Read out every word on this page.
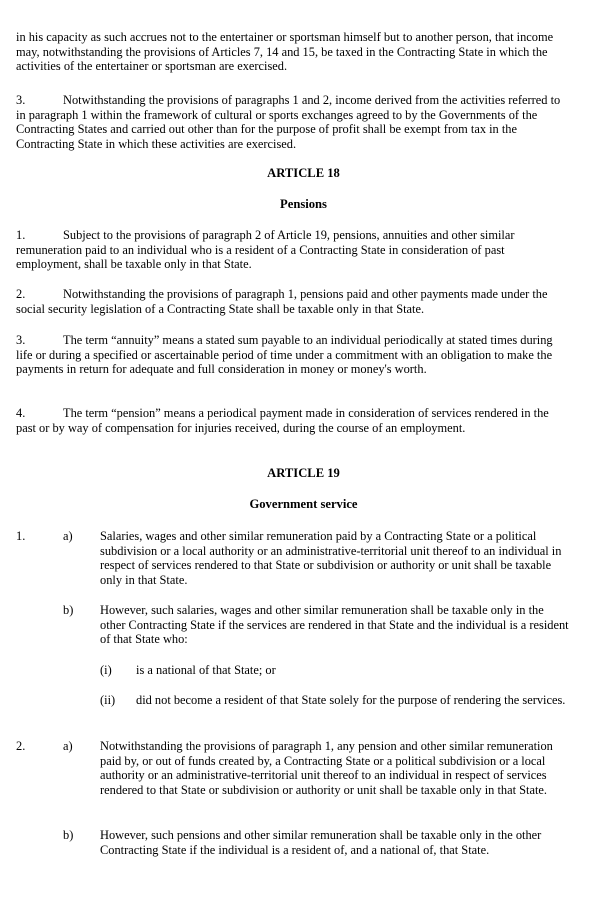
in his capacity as such accrues not to the entertainer or sportsman himself but to another person, that income may, notwithstanding the provisions of Articles 7, 14 and 15, be taxed in the Contracting State in which the activities of the entertainer or sportsman are exercised.

3.	Notwithstanding the provisions of paragraphs 1 and 2, income derived from the activities referred to in paragraph 1 within the framework of cultural or sports exchanges agreed to by the Governments of the Contracting States and carried out other than for the purpose of profit shall be exempt from tax in the Contracting State in which these activities are exercised.

ARTICLE 18

Pensions

1.	Subject to the provisions of paragraph 2 of Article 19, pensions, annuities and other similar remuneration paid to an individual who is a resident of a Contracting State in consideration of past employment, shall be taxable only in that State.

2.	Notwithstanding the provisions of paragraph 1, pensions paid and other payments made under the social security legislation of a Contracting State shall be taxable only in that State.

3.	The term “annuity” means a stated sum payable to an individual periodically at stated times during life or during a specified or ascertainable period of time under a commitment with an obligation to make the payments in return for adequate and full consideration in money or money's worth.

4.	The term “pension” means a periodical payment made in consideration of services rendered in the past or by way of compensation for injuries received, during the course of an employment.

ARTICLE 19

Government service

1.	a) Salaries, wages and other similar remuneration paid by a Contracting State or a political subdivision or a local authority or an administrative-territorial unit thereof to an individual in respect of services rendered to that State or subdivision or authority or unit shall be taxable only in that State.

b) However, such salaries, wages and other similar remuneration shall be taxable only in the other Contracting State if the services are rendered in that State and the individual is a resident of that State who:

(i) is a national of that State; or

(ii) did not become a resident of that State solely for the purpose of rendering the services.

2.	a) Notwithstanding the provisions of paragraph 1, any pension and other similar remuneration paid by, or out of funds created by, a Contracting State or a political subdivision or a local authority or an administrative-territorial unit thereof to an individual in respect of services rendered to that State or subdivision or authority or unit shall be taxable only in that State.

b) However, such pensions and other similar remuneration shall be taxable only in the other Contracting State if the individual is a resident of, and a national of, that State.
